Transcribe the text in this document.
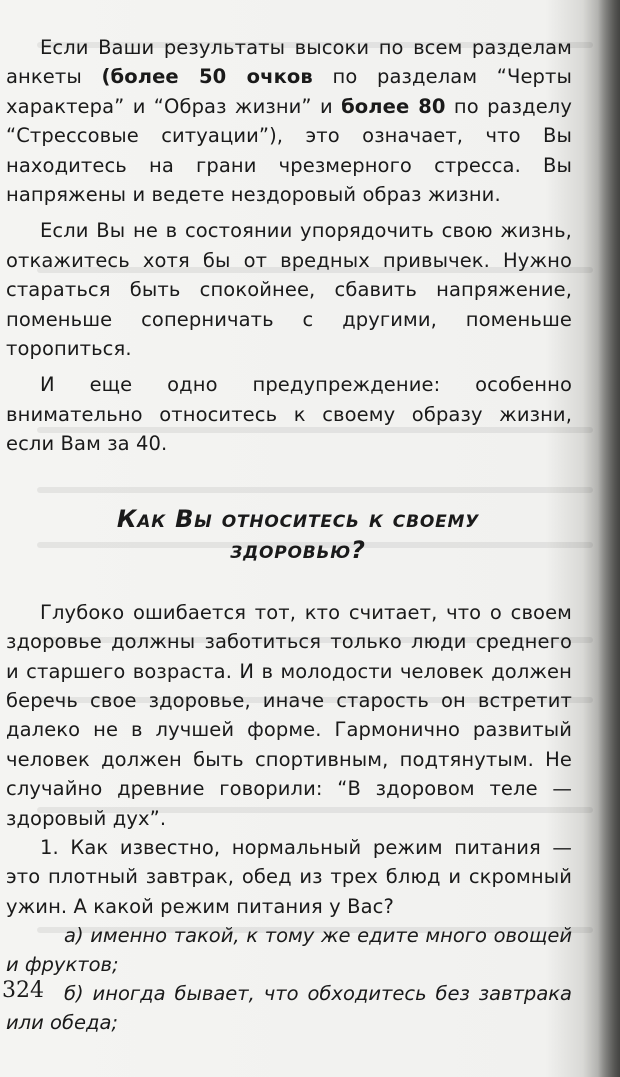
Если Ваши результаты высоки по всем разделам анкеты (более 50 очков по разделам “Черты характера” и “Образ жизни” и более 80 по разделу “Стрессовые ситуации”), это означает, что Вы находитесь на грани чрезмерного стресса. Вы напряжены и ведете нездоровый образ жизни.

Если Вы не в состоянии упорядочить свою жизнь, откажитесь хотя бы от вредных привычек. Нужно стараться быть спокойнее, сбавить напряжение, поменьше соперничать с другими, поменьше торопиться.

И еще одно предупреждение: особенно внимательно относитесь к своему образу жизни, если Вам за 40.

Как Вы относитесь к своему

здоровью?

Глубоко ошибается тот, кто считает, что о своем здоровье должны заботиться только люди среднего и старшего возраста. И в молодости человек должен беречь свое здоровье, иначе старость он встретит далеко не в лучшей форме. Гармонично развитый человек должен быть спортивным, подтянутым. Не случайно древние говорили: “В здоровом теле — здоровый дух”.

1. Как известно, нормальный режим питания — это плотный завтрак, обед из трех блюд и скромный ужин. А какой режим питания у Вас?

а) именно такой, к тому же едите много овощей и фруктов;

б) иногда бывает, что обходитесь без завтрака или обеда;

324
